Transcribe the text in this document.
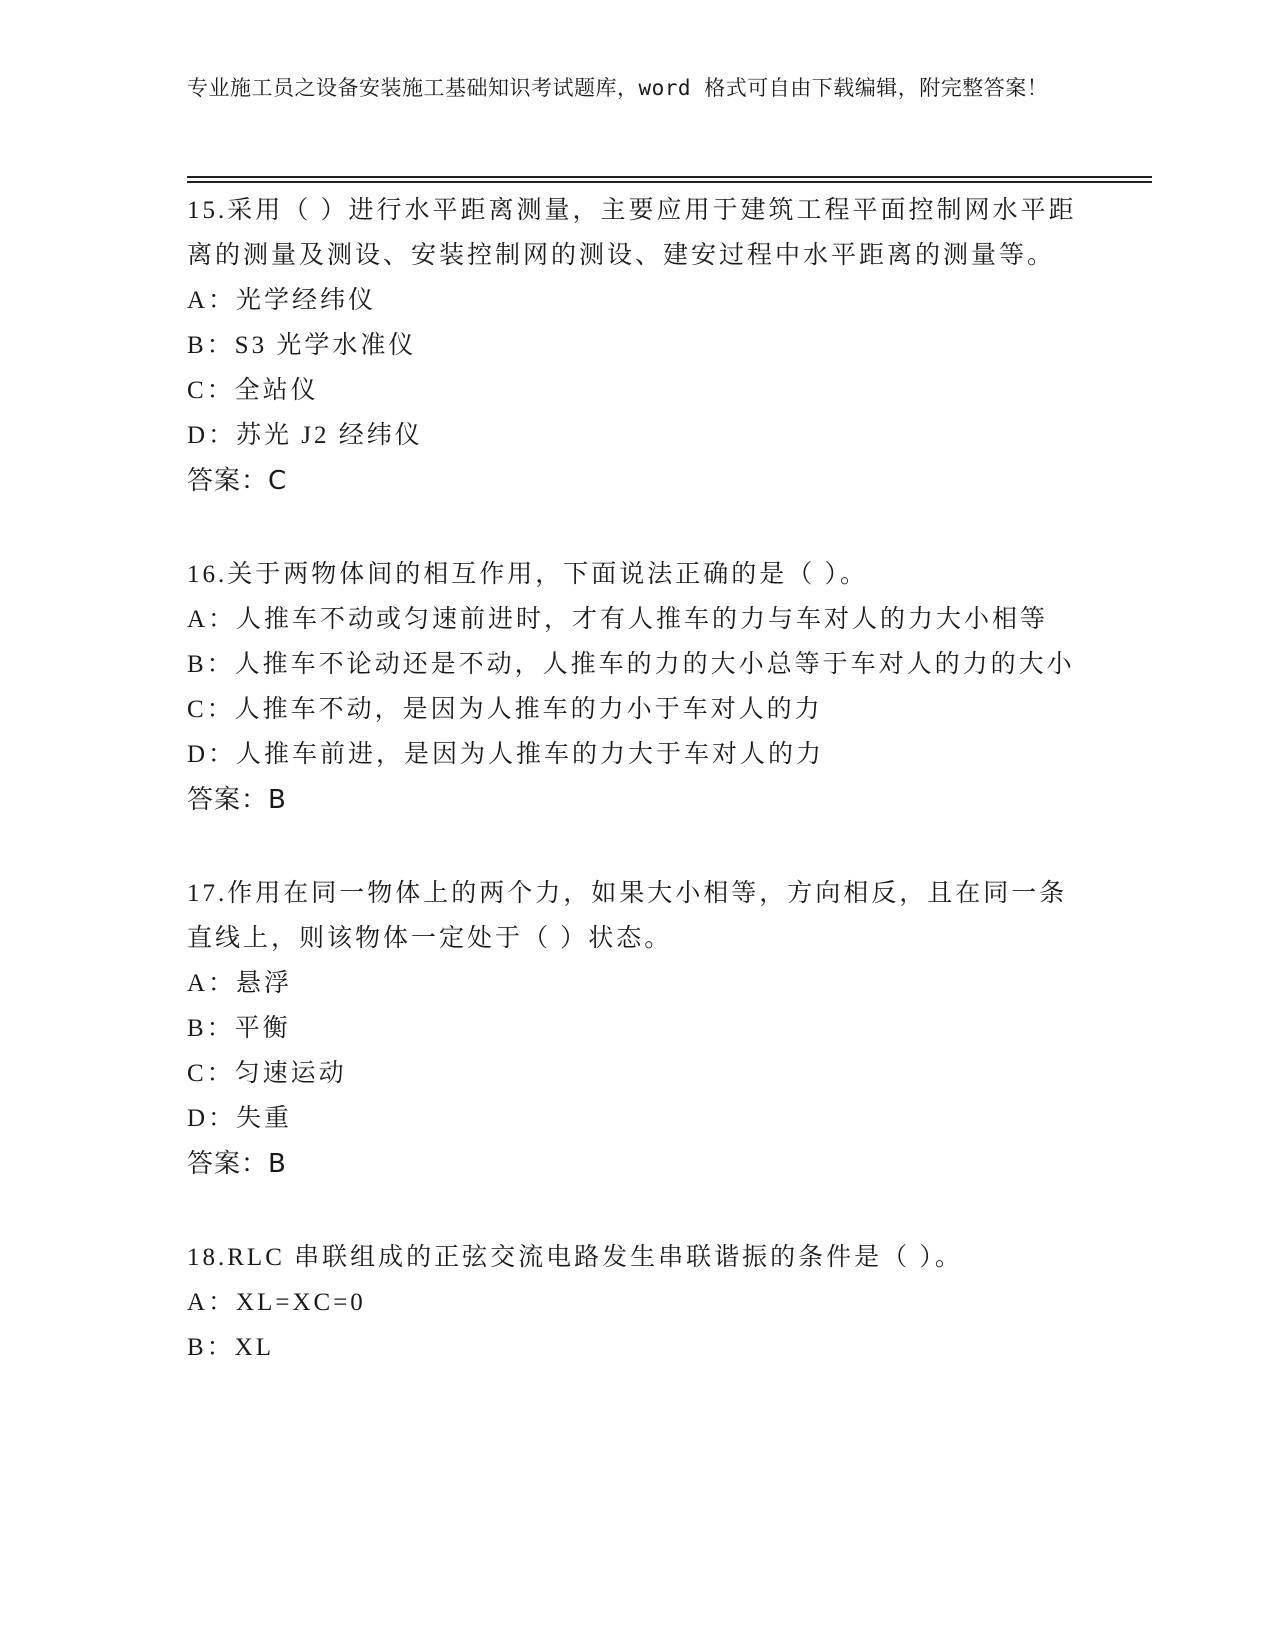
专业施工员之设备安装施工基础知识考试题库，word 格式可自由下载编辑，附完整答案！

15.采用（ ）进行水平距离测量，主要应用于建筑工程平面控制网水平距离的测量及测设、安装控制网的测设、建安过程中水平距离的测量等。

A：光学经纬仪

B：S3 光学水准仪

C：全站仪

D：苏光 J2 经纬仪

答案：C

16.关于两物体间的相互作用，下面说法正确的是（ ）。

A：人推车不动或匀速前进时，才有人推车的力与车对人的力大小相等

B：人推车不论动还是不动，人推车的力的大小总等于车对人的力的大小

C：人推车不动，是因为人推车的力小于车对人的力

D：人推车前进，是因为人推车的力大于车对人的力

答案：B

17.作用在同一物体上的两个力，如果大小相等，方向相反，且在同一条直线上，则该物体一定处于（ ）状态。

A：悬浮

B：平衡

C：匀速运动

D：失重

答案：B

18.RLC 串联组成的正弦交流电路发生串联谐振的条件是（ ）。

A：XL=XC=0

B：XL
